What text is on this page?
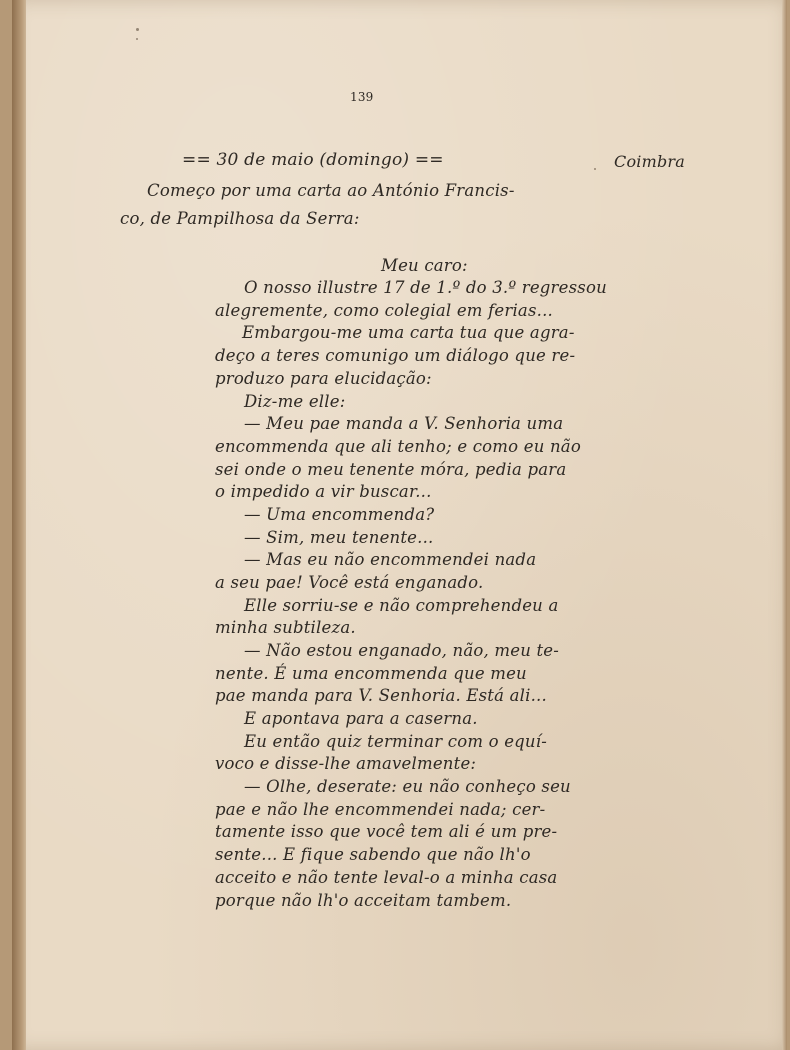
139
== 30 de maio (domingo) ==	Coimbra
Começo por uma carta ao António Francis-
co, de Pampilhosa da Serra:
Meu caro:
O nosso illustre 17 de 1.º do 3.º regressou
alegremente, como colegial em ferias...
Embargou-me uma carta tua que agra-
deço a teres comunigo um diálogo que re-
produzo para elucidação:
Diz-me elle:
— Meu pae manda a V. Senhoria uma
encommenda que ali tenho; e como eu não
sei onde o meu tenente móra, pedia para
o impedido a vir buscar...
— Uma encommenda?
— Sim, meu tenente...
— Mas eu não encommendei nada
a seu pae! Você está enganado.
Elle sorriu-se e não comprehendeu a
minha subtileza.
— Não estou enganado, não, meu te-
nente. É uma encommenda que meu
pae manda para V. Senhoria. Está ali...
E apontava para a caserna.
Eu então quiz terminar com o equí-
voco e disse-lhe amavelmente:
— Olhe, deserate: eu não conheço seu
pae e não lhe encommendei nada; cer-
tamente isso que você tem ali é um pre-
sente... E fique sabendo que não lh'o
acceito e não tente leval-o a minha casa
porque não lh'o acceitam tambem.
